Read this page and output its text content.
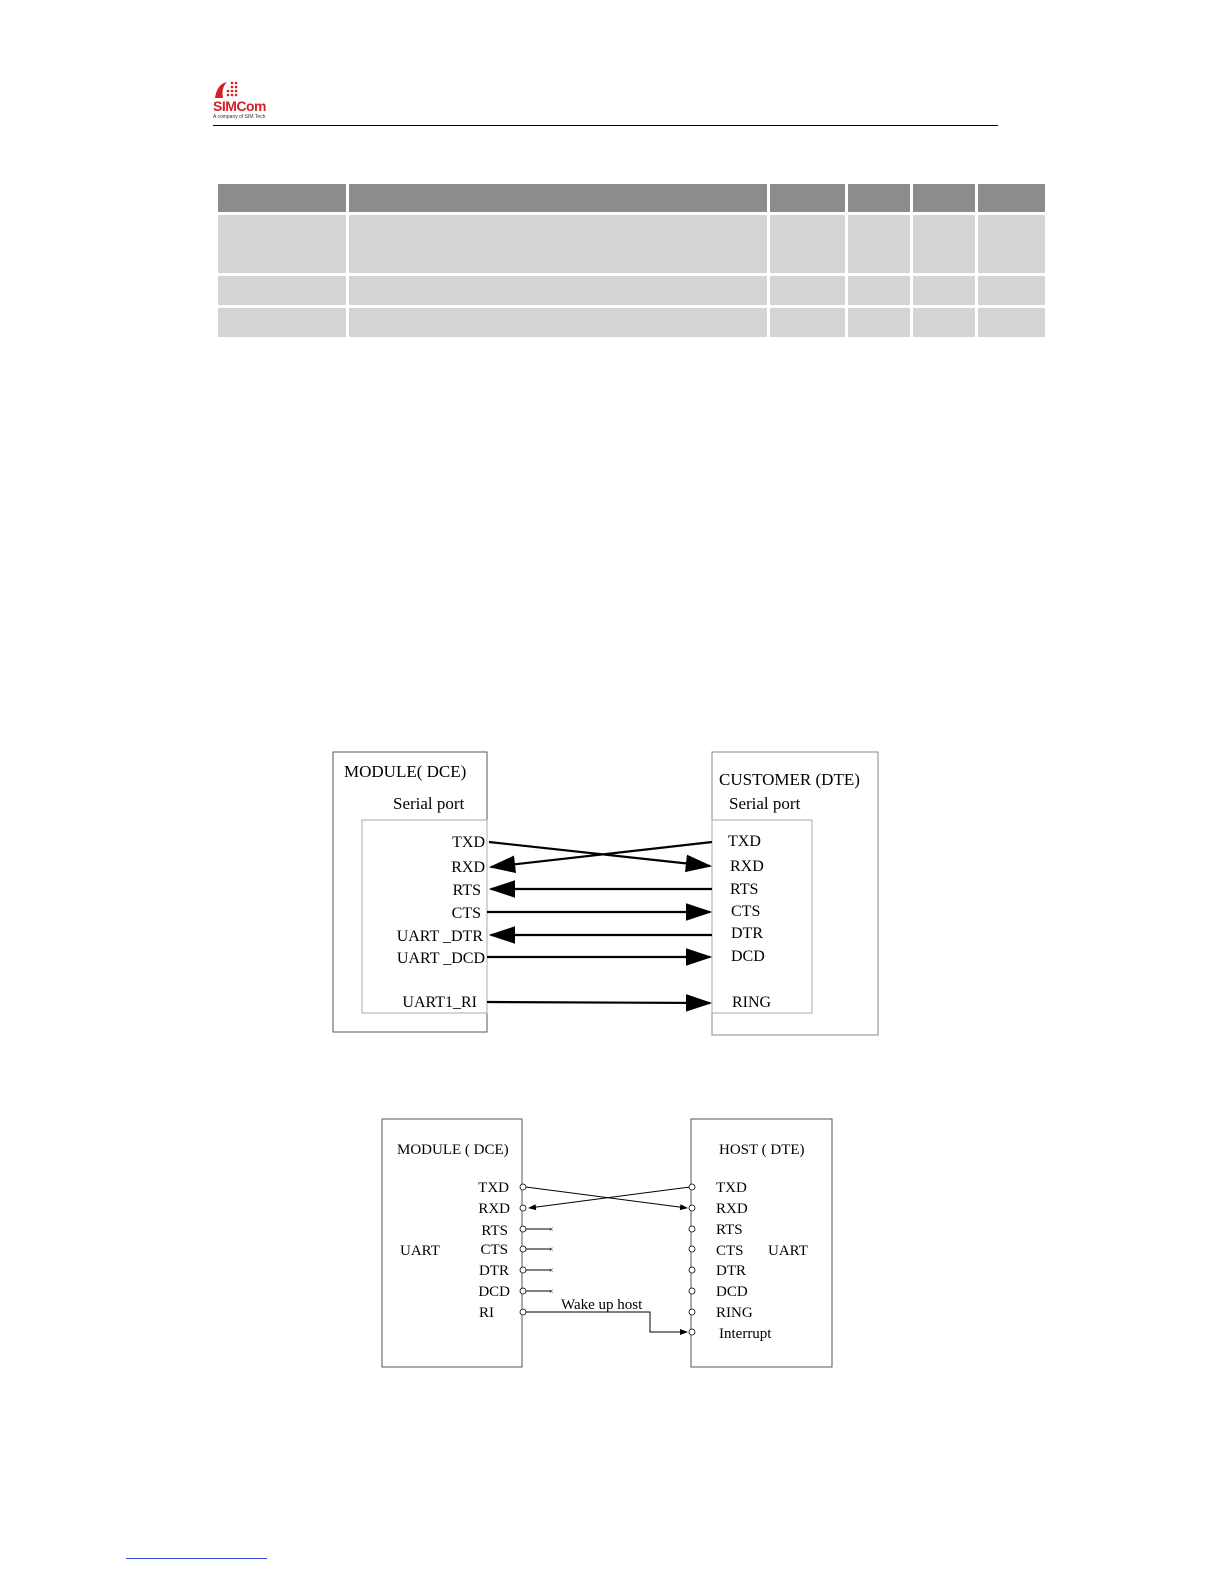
SIMCom
A company of SIM Tech

MODULE( DCE)
Serial port
CUSTOMER (DTE)
Serial port
TXD
RXD
RTS
CTS
UART _DTR
UART _DCD
UART1_RI
TXD
RXD
RTS
CTS
DTR
DCD
RING
MODULE ( DCE)	HOST ( DTE)
UART	UART
TXD
RXD
RTS
CTS
DTR
DCD
RI
TXD
RXD
RTS
CTS
DTR
DCD
RING
Interrupt
Wake up host
×
×
×
×
